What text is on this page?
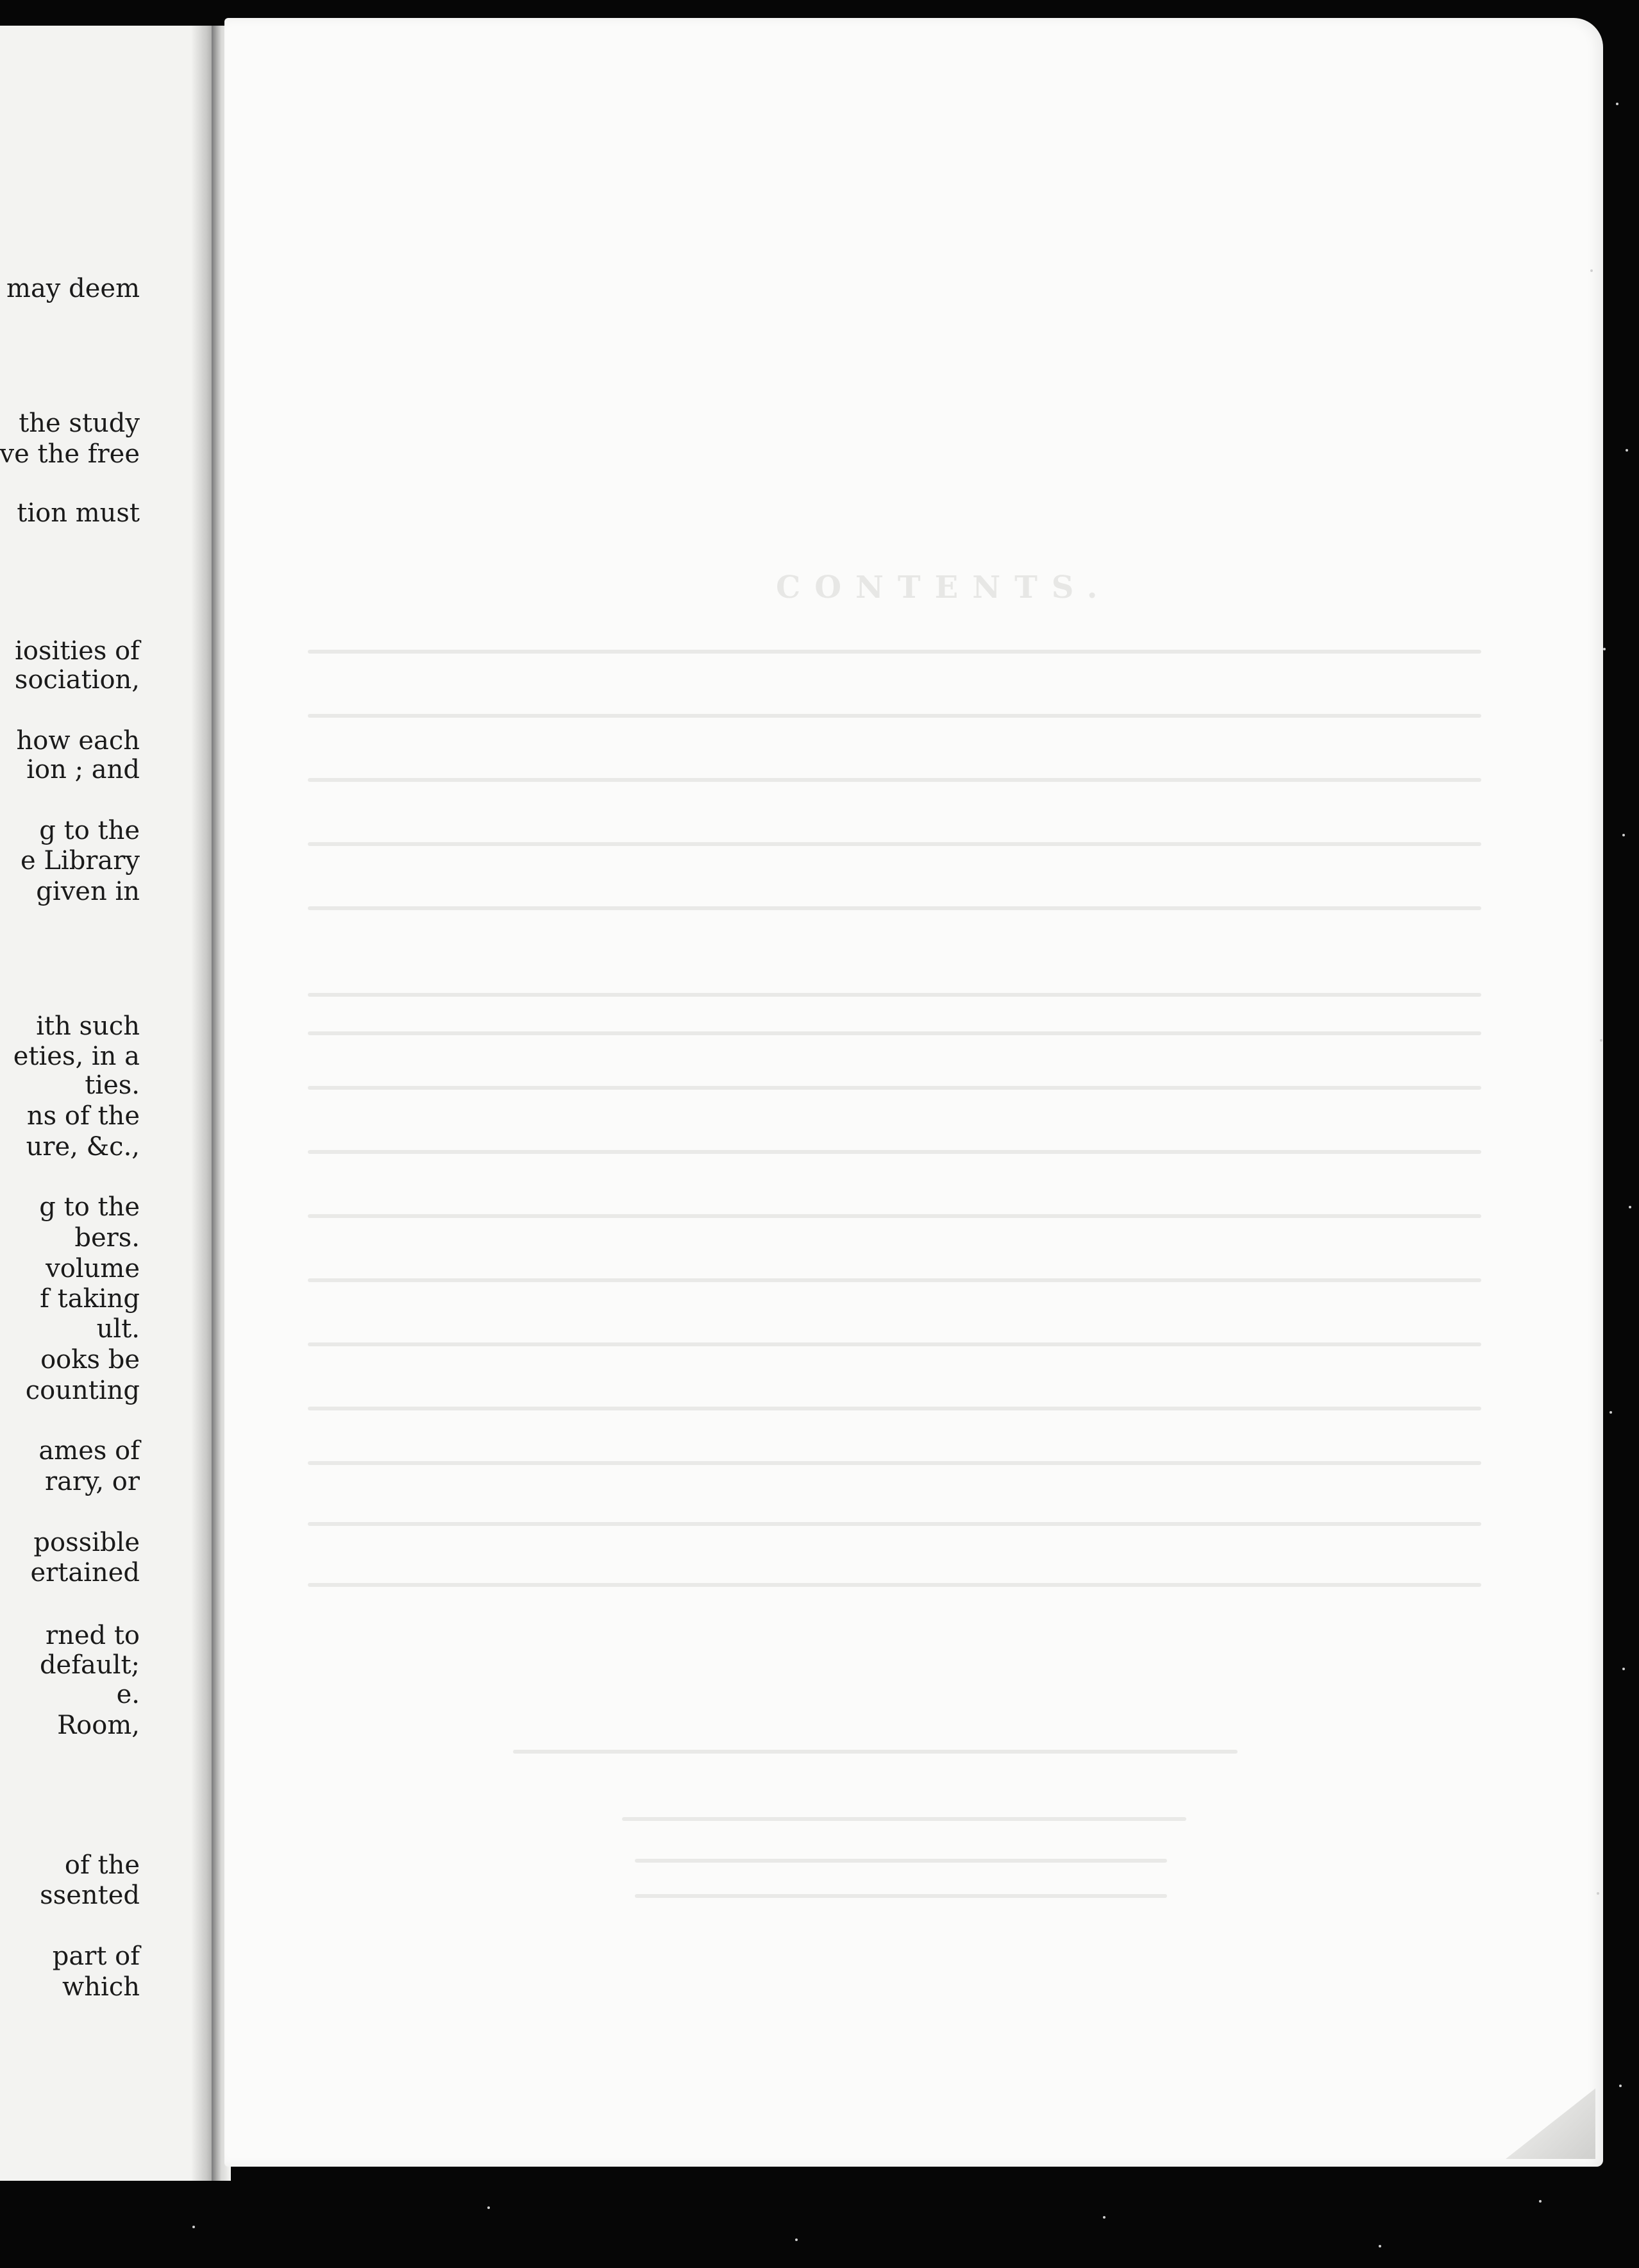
may deem
the study
ve the free
tion must
iosities of
sociation,
how each
ion ; and
g to the
e Library
given in
ith such
eties, in a
ties.
ns of the
ure, &c.,
g to the
bers.
volume
f taking
ult.
ooks be
counting
ames of
rary, or
possible
ertained
rned to
default;
e.
Room,
of the
ssented
part of
which
CONTENTS.
